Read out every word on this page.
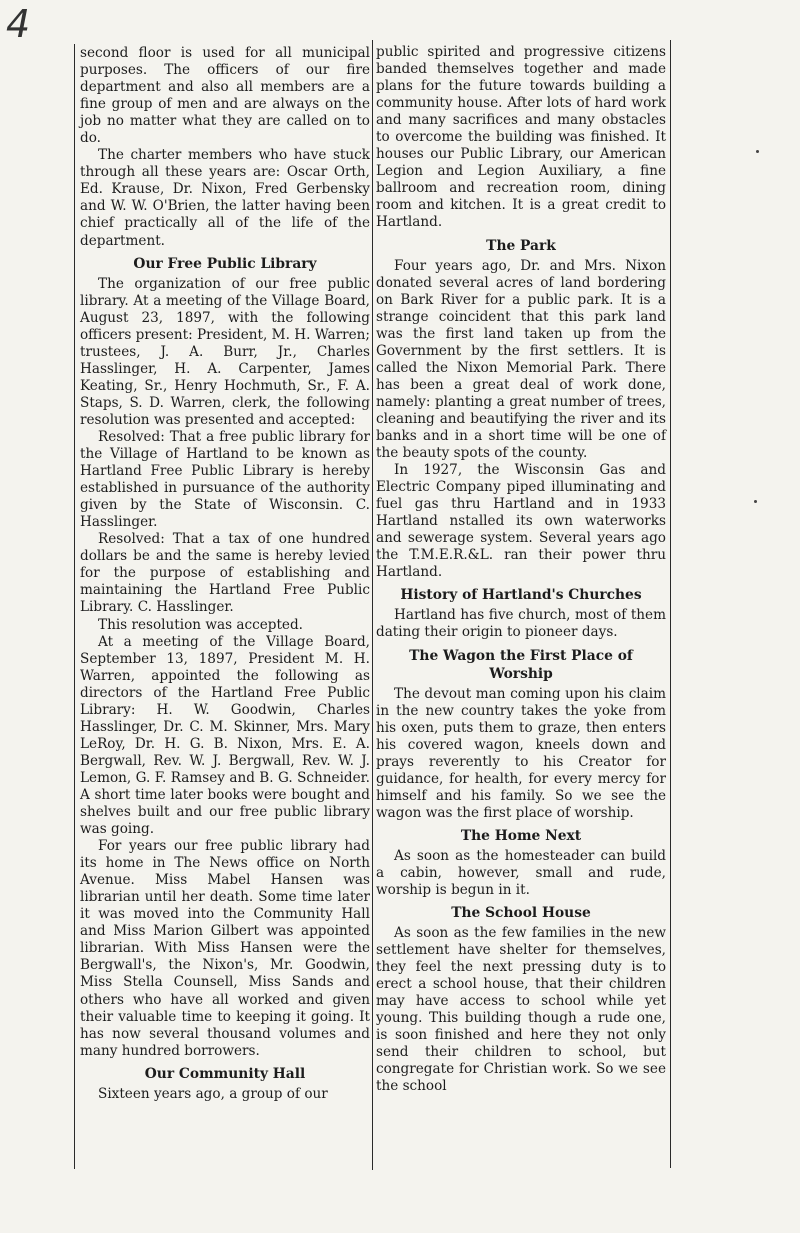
4

second floor is used for all municipal purposes. The officers of our fire department and also all members are a fine group of men and are always on the job no matter what they are called on to do.

The charter members who have stuck through all these years are: Oscar Orth, Ed. Krause, Dr. Nixon, Fred Gerbensky and W. W. O'Brien, the latter having been chief practically all of the life of the department.

Our Free Public Library

The organization of our free public library. At a meeting of the Village Board, August 23, 1897, with the following officers present: President, M. H. Warren; trustees, J. A. Burr, Jr., Charles Hasslinger, H. A. Carpenter, James Keating, Sr., Henry Hochmuth, Sr., F. A. Staps, S. D. Warren, clerk, the following resolution was presented and accepted:

Resolved: That a free public library for the Village of Hartland to be known as Hartland Free Public Library is hereby established in pursuance of the authority given by the State of Wisconsin. C. Hasslinger.

Resolved: That a tax of one hundred dollars be and the same is hereby levied for the purpose of establishing and maintaining the Hartland Free Public Library. C. Hasslinger.

This resolution was accepted.

At a meeting of the Village Board, September 13, 1897, President M. H. Warren, appointed the following as directors of the Hartland Free Public Library: H. W. Goodwin, Charles Hasslinger, Dr. C. M. Skinner, Mrs. Mary LeRoy, Dr. H. G. B. Nixon, Mrs. E. A. Bergwall, Rev. W. J. Bergwall, Rev. W. J. Lemon, G. F. Ramsey and B. G. Schneider. A short time later books were bought and shelves built and our free public library was going.

For years our free public library had its home in The News office on North Avenue. Miss Mabel Hansen was librarian until her death. Some time later it was moved into the Community Hall and Miss Marion Gilbert was appointed librarian. With Miss Hansen were the Bergwall's, the Nixon's, Mr. Goodwin, Miss Stella Counsell, Miss Sands and others who have all worked and given their valuable time to keeping it going. It has now several thousand volumes and many hundred borrowers.

Our Community Hall

Sixteen years ago, a group of our

public spirited and progressive citizens banded themselves together and made plans for the future towards building a community house. After lots of hard work and many sacrifices and many obstacles to overcome the building was finished. It houses our Public Library, our American Legion and Legion Auxiliary, a fine ballroom and recreation room, dining room and kitchen. It is a great credit to Hartland.

The Park

Four years ago, Dr. and Mrs. Nixon donated several acres of land bordering on Bark River for a public park. It is a strange coincident that this park land was the first land taken up from the Government by the first settlers. It is called the Nixon Memorial Park. There has been a great deal of work done, namely: planting a great number of trees, cleaning and beautifying the river and its banks and in a short time will be one of the beauty spots of the county.

In 1927, the Wisconsin Gas and Electric Company piped illuminating and fuel gas thru Hartland and in 1933 Hartland nstalled its own waterworks and sewerage system. Several years ago the T.M.E.R.&L. ran their power thru Hartland.

History of Hartland's Churches

Hartland has five church, most of them dating their origin to pioneer days.

The Wagon the First Place of Worship

The devout man coming upon his claim in the new country takes the yoke from his oxen, puts them to graze, then enters his covered wagon, kneels down and prays reverently to his Creator for guidance, for health, for every mercy for himself and his family. So we see the wagon was the first place of worship.

The Home Next

As soon as the homesteader can build a cabin, however, small and rude, worship is begun in it.

The School House

As soon as the few families in the new settlement have shelter for themselves, they feel the next pressing duty is to erect a school house, that their children may have access to school while yet young. This building though a rude one, is soon finished and here they not only send their children to school, but congregate for Christian work. So we see the school
